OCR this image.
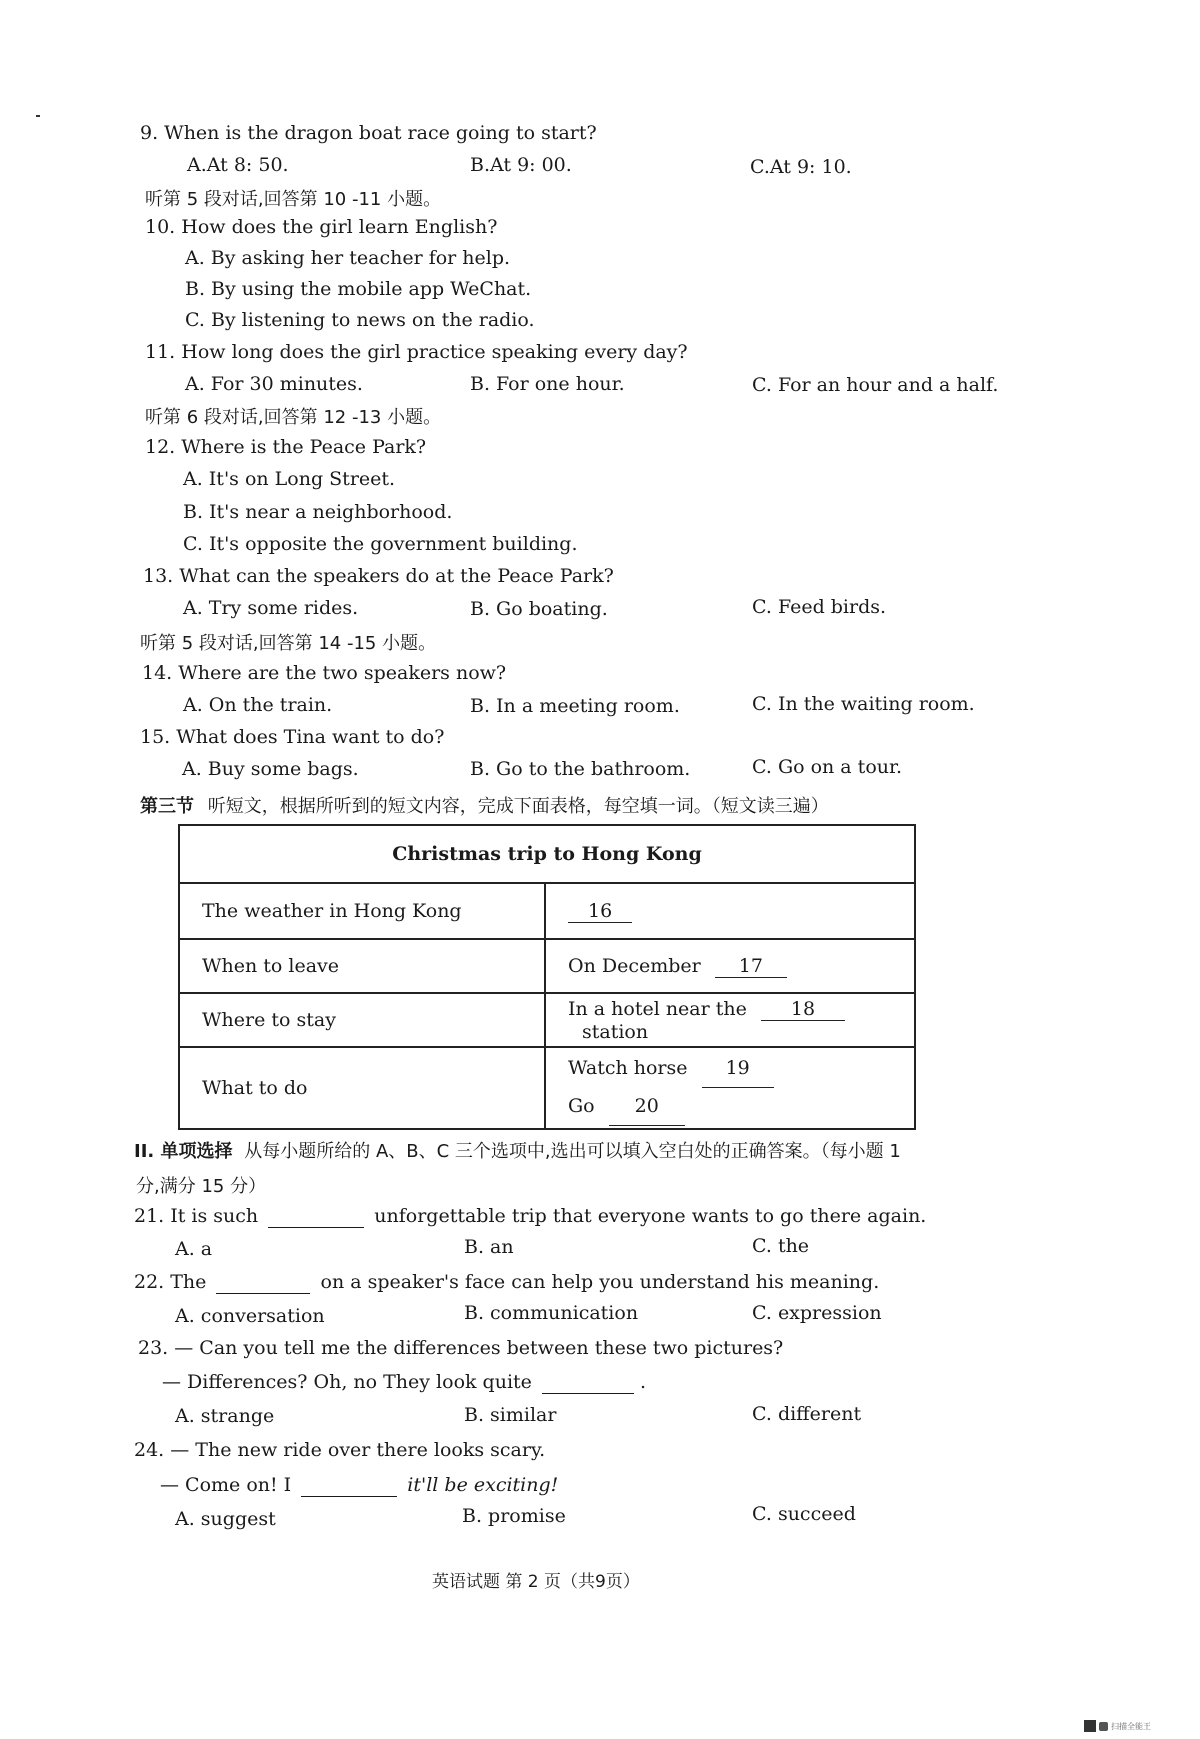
9. When is the dragon boat race going to start?
A.At 8: 50.	B.At 9: 00.	C.At 9: 10.
听第 5 段对话,回答第 10 -11 小题。
10. How does the girl learn English?
A. By asking her teacher for help.
B. By using the mobile app WeChat.
C. By listening to news on the radio.
11. How long does the girl practice speaking every day?
A. For 30 minutes.	B. For one hour.	C. For an hour and a half.
听第 6 段对话,回答第 12 -13 小题。
12. Where is the Peace Park?
A. It's on Long Street.
B. It's near a neighborhood.
C. It's opposite the government building.
13. What can the speakers do at the Peace Park?
A. Try some rides.	B. Go boating.	C. Feed birds.
听第 5 段对话,回答第 14 -15 小题。
14. Where are the two speakers now?
A. On the train.	B. In a meeting room.	C. In the waiting room.
15. What does Tina want to do?
A. Buy some bags.	B. Go to the bathroom.	C. Go on a tour.
第三节 听短文，根据所听到的短文内容，完成下面表格，每空填一词。（短文读三遍）
Christmas trip to Hong Kong	
The weather in Hong Kong	16
When to leave	On December 17
Where to stay	In a hotel near the 18 station
What to do	Watch horse 19
Go 20
II. 单项选择 从每小题所给的 A、B、C 三个选项中,选出可以填入空白处的正确答案。（每小题 1
分,满分 15 分）
21. It is such	unforgettable trip that everyone wants to go there again.
A. a	B. an	C. the
22. The	on a speaker's face can help you understand his meaning.
A. conversation	B. communication	C. expression
23. — Can you tell me the differences between these two pictures?
— Differences? Oh, no They look quite	.
A. strange	B. similar	C. different
24. — The new ride over there looks scary.
— Come on! I	it'll be exciting!
A. suggest	B. promise	C. succeed
英语试题 第 2 页（共9页）
扫描全能王
